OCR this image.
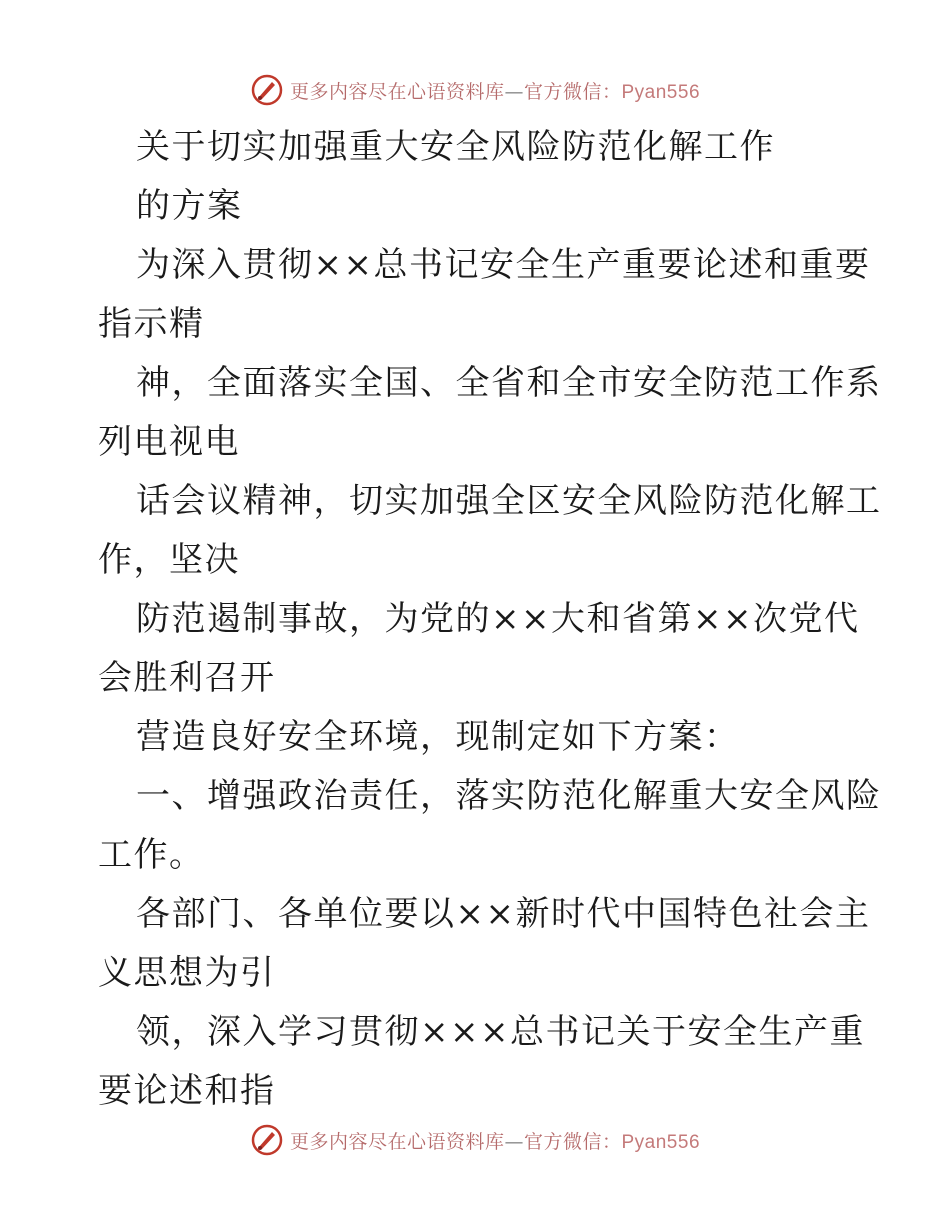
更多内容尽在心语资料库—官方微信：Pyan556
关于切实加强重大安全风险防范化解工作
的方案
为深入贯彻××总书记安全生产重要论述和重要
指示精
神，全面落实全国、全省和全市安全防范工作系
列电视电
话会议精神，切实加强全区安全风险防范化解工
作，坚决
防范遏制事故，为党的××大和省第××次党代
会胜利召开
营造良好安全环境，现制定如下方案：
一、增强政治责任，落实防范化解重大安全风险
工作。
各部门、各单位要以××新时代中国特色社会主
义思想为引
领，深入学习贯彻×××总书记关于安全生产重
要论述和指
更多内容尽在心语资料库—官方微信：Pyan556
